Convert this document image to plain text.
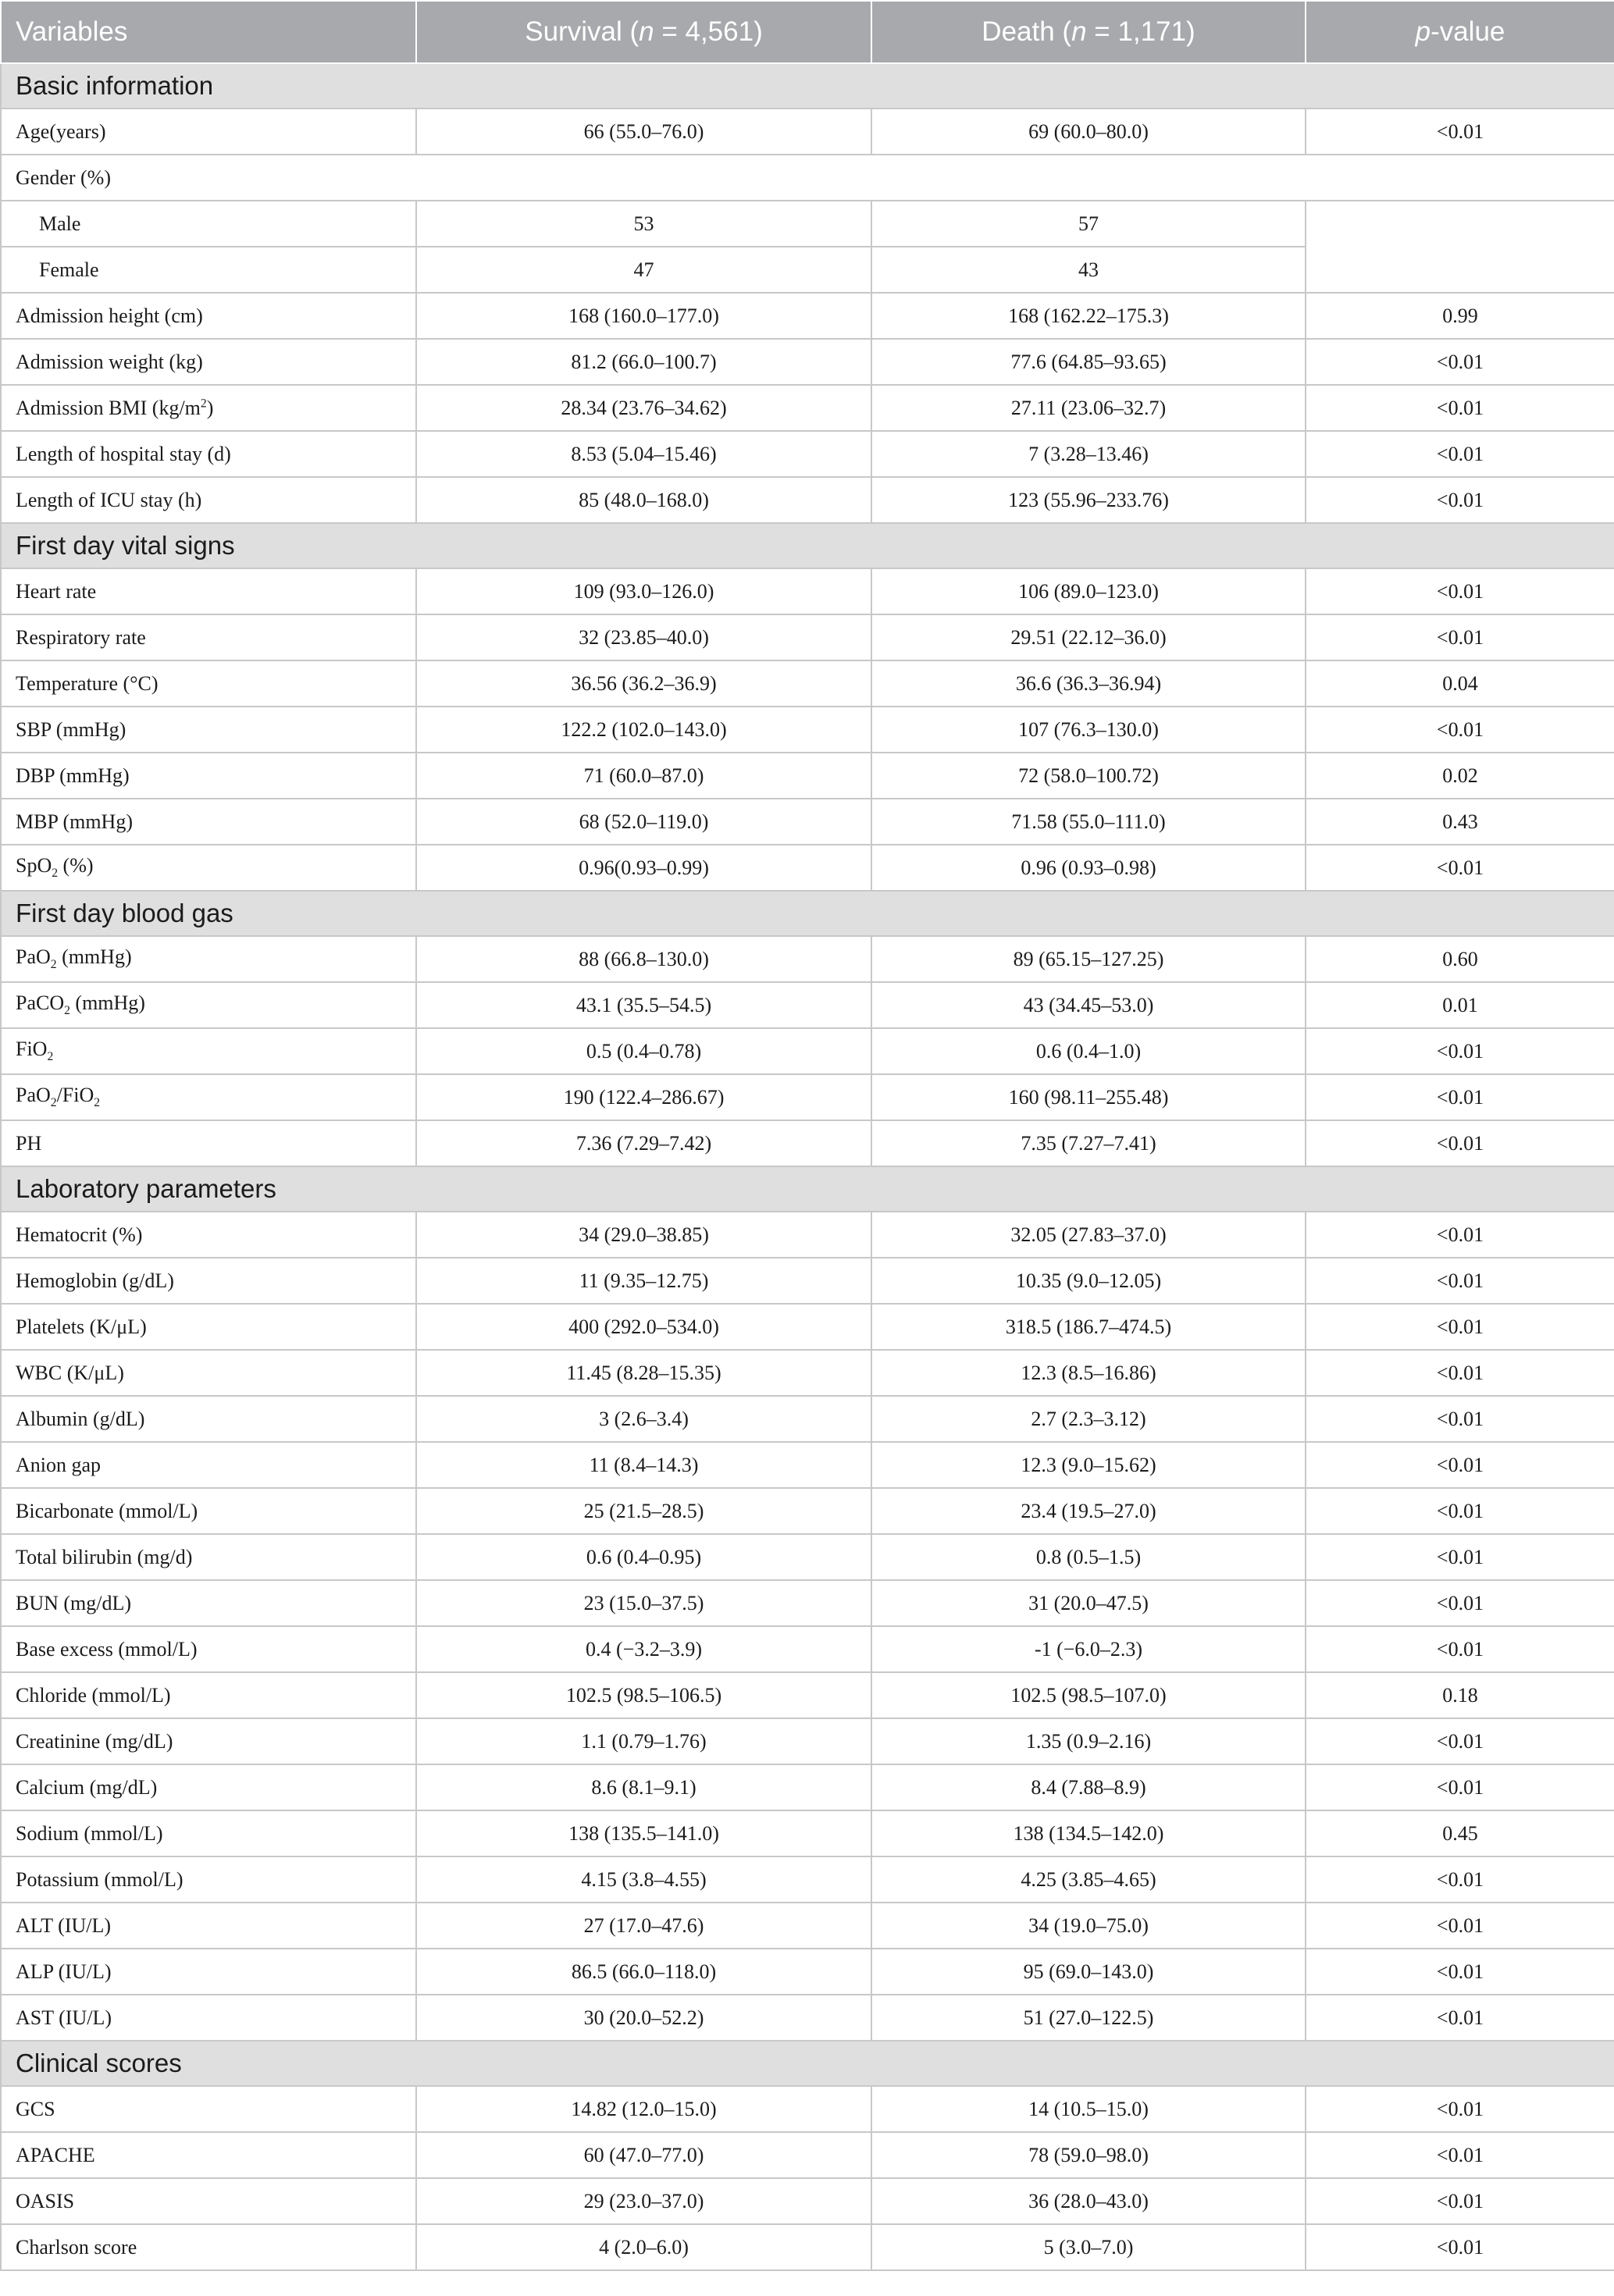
Variables	Survival (n = 4,561)	Death (n = 1,171)	p-value
Basic information			
Age(years)	66 (55.0–76.0)	69 (60.0–80.0)	<0.01
Gender (%)			
Male	53	57	
Female	47	43	
Admission height (cm)	168 (160.0–177.0)	168 (162.22–175.3)	0.99
Admission weight (kg)	81.2 (66.0–100.7)	77.6 (64.85–93.65)	<0.01
Admission BMI $(kg/m^2)$	28.34 (23.76–34.62)	27.11 (23.06–32.7)	<0.01
Length of hospital stay (d)	8.53 (5.04–15.46)	7 (3.28–13.46)	<0.01
Length of ICU stay (h)	85 (48.0–168.0)	123 (55.96–233.76)	<0.01
First day vital signs			
Heart rate	109 (93.0–126.0)	106 (89.0–123.0)	<0.01
Respiratory rate	32 (23.85–40.0)	29.51 (22.12–36.0)	<0.01
Temperature (°C)	36.56 (36.2–36.9)	36.6 (36.3–36.94)	0.04
SBP (mmHg)	122.2 (102.0–143.0)	107 (76.3–130.0)	<0.01
DBP (mmHg)	71 (60.0–87.0)	72 (58.0–100.72)	0.02
MBP (mmHg)	68 (52.0–119.0)	71.58 (55.0–111.0)	0.43
SpO$_2$ (%)	0.96(0.93–0.99)	0.96 (0.93–0.98)	<0.01
First day blood gas			
PaO$_2$ (mmHg)	88 (66.8–130.0)	89 (65.15–127.25)	0.60
PaCO$_2$ (mmHg)	43.1 (35.5–54.5)	43 (34.45–53.0)	0.01
FiO$_2$	0.5 (0.4–0.78)	0.6 (0.4–1.0)	<0.01
PaO$_2$/FiO$_2$	190 (122.4–286.67)	160 (98.11–255.48)	<0.01
PH	7.36 (7.29–7.42)	7.35 (7.27–7.41)	<0.01
Laboratory parameters			
Hematocrit (%)	34 (29.0–38.85)	32.05 (27.83–37.0)	<0.01
Hemoglobin (g/dL)	11 (9.35–12.75)	10.35 (9.0–12.05)	<0.01
Platelets (K/μL)	400 (292.0–534.0)	318.5 (186.7–474.5)	<0.01
WBC (K/μL)	11.45 (8.28–15.35)	12.3 (8.5–16.86)	<0.01
Albumin (g/dL)	3 (2.6–3.4)	2.7 (2.3–3.12)	<0.01
Anion gap	11 (8.4–14.3)	12.3 (9.0–15.62)	<0.01
Bicarbonate (mmol/L)	25 (21.5–28.5)	23.4 (19.5–27.0)	<0.01
Total bilirubin (mg/d)	0.6 (0.4–0.95)	0.8 (0.5–1.5)	<0.01
BUN (mg/dL)	23 (15.0–37.5)	31 (20.0–47.5)	<0.01
Base excess (mmol/L)	0.4 (−3.2–3.9)	-1 (−6.0–2.3)	<0.01
Chloride (mmol/L)	102.5 (98.5–106.5)	102.5 (98.5–107.0)	0.18
Creatinine (mg/dL)	1.1 (0.79–1.76)	1.35 (0.9–2.16)	<0.01
Calcium (mg/dL)	8.6 (8.1–9.1)	8.4 (7.88–8.9)	<0.01
Sodium (mmol/L)	138 (135.5–141.0)	138 (134.5–142.0)	0.45
Potassium (mmol/L)	4.15 (3.8–4.55)	4.25 (3.85–4.65)	<0.01
ALT (IU/L)	27 (17.0–47.6)	34 (19.0–75.0)	<0.01
ALP (IU/L)	86.5 (66.0–118.0)	95 (69.0–143.0)	<0.01
AST (IU/L)	30 (20.0–52.2)	51 (27.0–122.5)	<0.01
Clinical scores			
GCS	14.82 (12.0–15.0)	14 (10.5–15.0)	<0.01
APACHE	60 (47.0–77.0)	78 (59.0–98.0)	<0.01
OASIS	29 (23.0–37.0)	36 (28.0–43.0)	<0.01
Charlson score	4 (2.0–6.0)	5 (3.0–7.0)	<0.01
